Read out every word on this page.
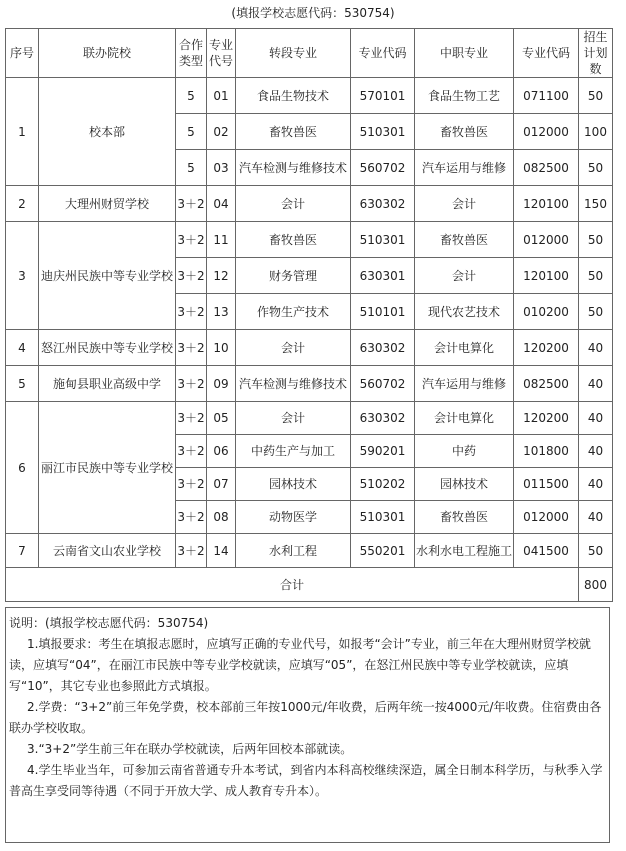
(填报学校志愿代码：530754)
序号	联办院校	合作类型	专业代号	转段专业	专业代码	中职专业	专业代码	招生计划数
1	校本部	5	01	食品生物技术	570101	食品生物工艺	071100	50
		5	02	畜牧兽医	510301	畜牧兽医	012000	100
		5	03	汽车检测与维修技术	560702	汽车运用与维修	082500	50
2	大理州财贸学校	3＋2	04	会计	630302	会计	120100	150
3	迪庆州民族中等专业学校	3＋2	11	畜牧兽医	510301	畜牧兽医	012000	50
		3＋2	12	财务管理	630301	会计	120100	50
		3＋2	13	作物生产技术	510101	现代农艺技术	010200	50
4	怒江州民族中等专业学校	3＋2	10	会计	630302	会计电算化	120200	40
5	施甸县职业高级中学	3＋2	09	汽车检测与维修技术	560702	汽车运用与维修	082500	40
6	丽江市民族中等专业学校	3＋2	05	会计	630302	会计电算化	120200	40
		3＋2	06	中药生产与加工	590201	中药	101800	40
		3＋2	07	园林技术	510202	园林技术	011500	40
		3＋2	08	动物医学	510301	畜牧兽医	012000	40
7	云南省文山农业学校	3＋2	14	水利工程	550201	水利水电工程施工	041500	50
合计								800

说明：(填报学校志愿代码：530754)

1.填报要求：考生在填报志愿时，应填写正确的专业代号，如报考“会计”专业，前三年在大理州财贸学校就读，应填写“04”，在丽江市民族中等专业学校就读，应填写“05”，在怒江州民族中等专业学校就读，应填写“10”，其它专业也参照此方式填报。

2.学费：“3+2”前三年免学费，校本部前三年按1000元/年收费，后两年统一按4000元/年收费。住宿费由各联办学校收取。

3.“3+2”学生前三年在联办学校就读，后两年回校本部就读。

4.学生毕业当年，可参加云南省普通专升本考试，到省内本科高校继续深造，属全日制本科学历，与秋季入学普高生享受同等待遇（不同于开放大学、成人教育专升本）。
